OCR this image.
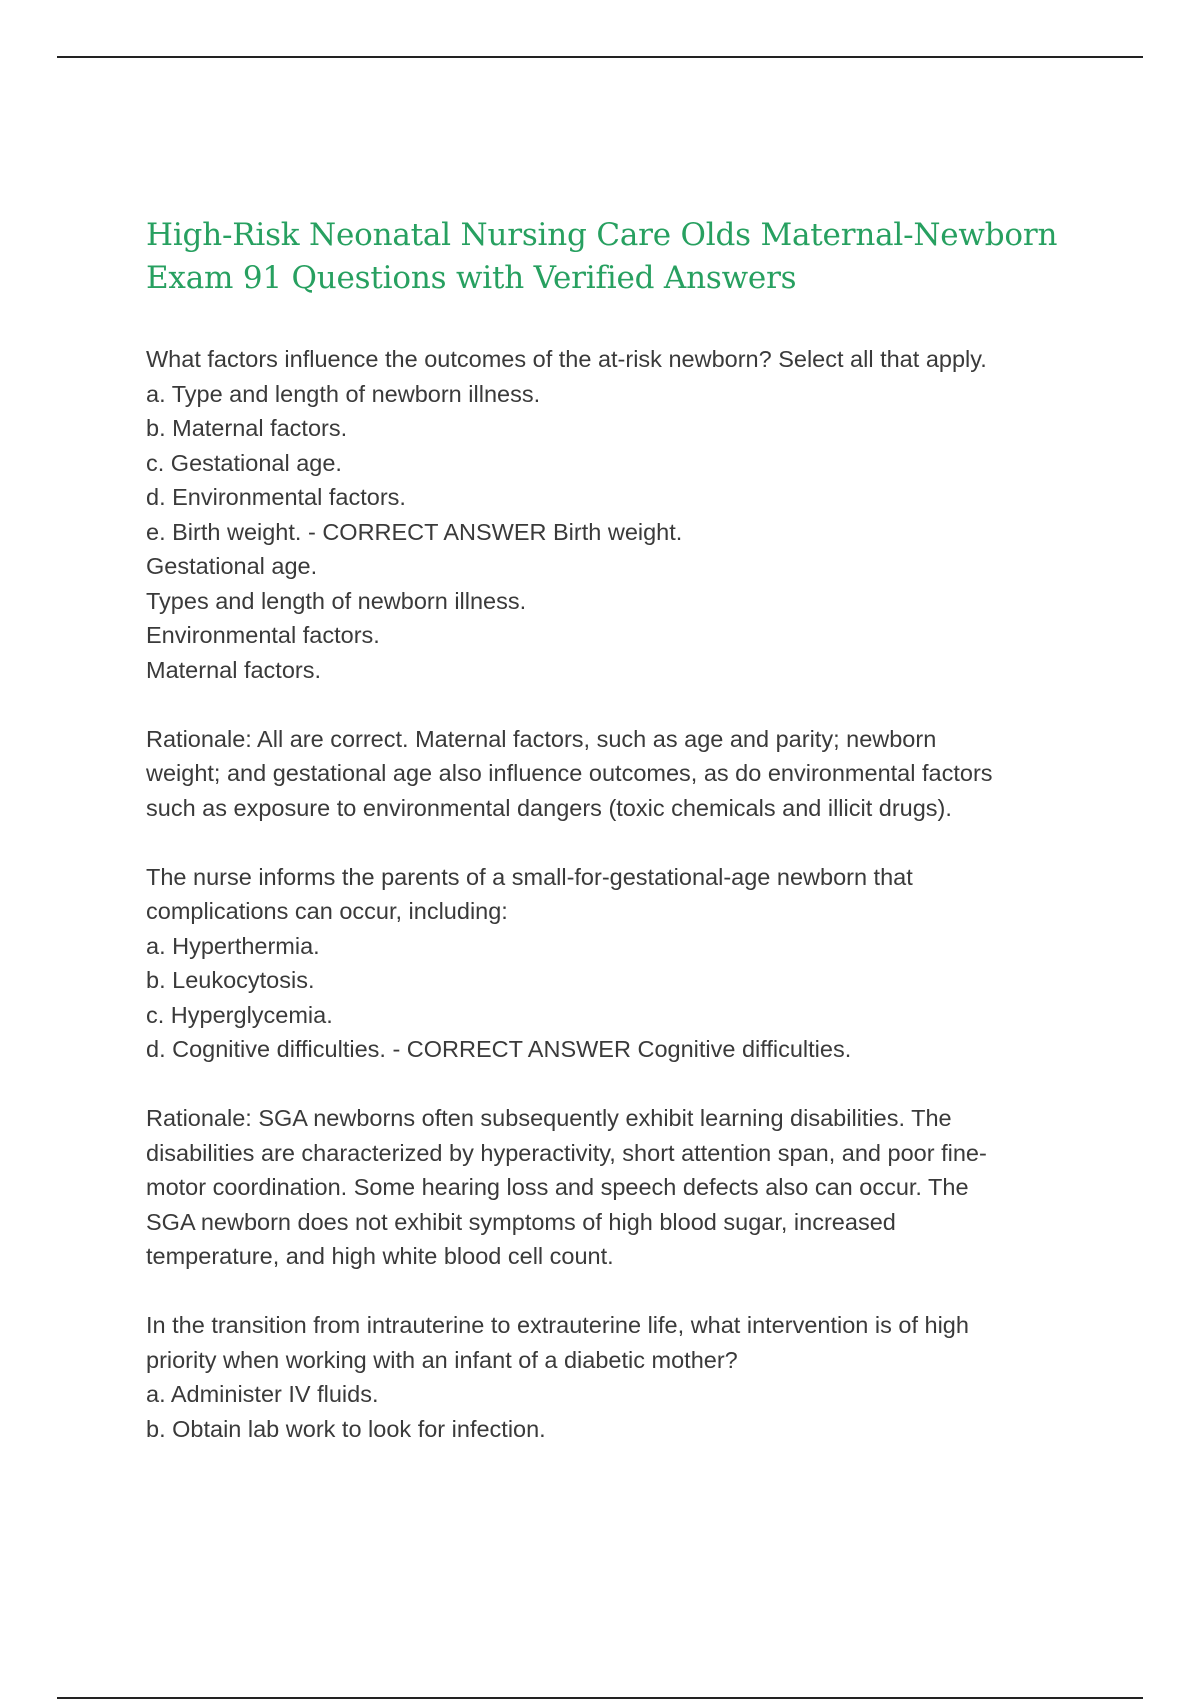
High-Risk Neonatal Nursing Care Olds Maternal-Newborn
Exam 91 Questions with Verified Answers
What factors influence the outcomes of the at-risk newborn? Select all that apply.
a. Type and length of newborn illness.
b. Maternal factors.
c. Gestational age.
d. Environmental factors.
e. Birth weight. - CORRECT ANSWER Birth weight.
Gestational age.
Types and length of newborn illness.
Environmental factors.
Maternal factors.
Rationale: All are correct. Maternal factors, such as age and parity; newborn
weight; and gestational age also influence outcomes, as do environmental factors
such as exposure to environmental dangers (toxic chemicals and illicit drugs).
The nurse informs the parents of a small-for-gestational-age newborn that
complications can occur, including:
a. Hyperthermia.
b. Leukocytosis.
c. Hyperglycemia.
d. Cognitive difficulties. - CORRECT ANSWER Cognitive difficulties.
Rationale: SGA newborns often subsequently exhibit learning disabilities. The
disabilities are characterized by hyperactivity, short attention span, and poor fine-
motor coordination. Some hearing loss and speech defects also can occur. The
SGA newborn does not exhibit symptoms of high blood sugar, increased
temperature, and high white blood cell count.
In the transition from intrauterine to extrauterine life, what intervention is of high
priority when working with an infant of a diabetic mother?
a. Administer IV fluids.
b. Obtain lab work to look for infection.
